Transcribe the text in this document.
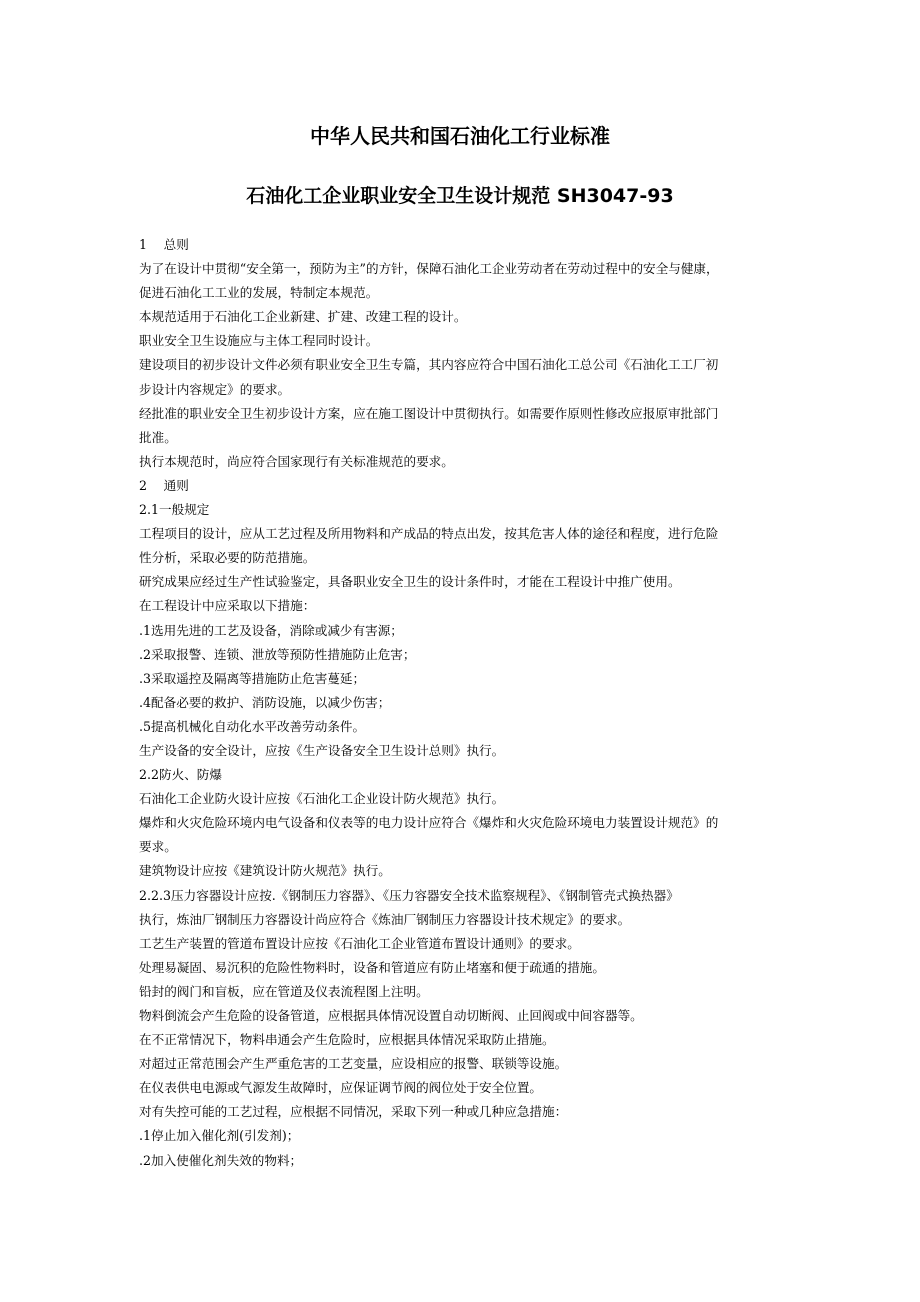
中华人民共和国石油化工行业标准
石油化工企业职业安全卫生设计规范 SH3047-93
1　 总则
为了在设计中贯彻“安全第一，预防为主”的方针，保障石油化工企业劳动者在劳动过程中的安全与健康，
促进石油化工工业的发展，特制定本规范。
本规范适用于石油化工企业新建、扩建、改建工程的设计。
职业安全卫生设施应与主体工程同时设计。
建设项目的初步设计文件必须有职业安全卫生专篇，其内容应符合中国石油化工总公司《石油化工工厂初
步设计内容规定》的要求。
经批准的职业安全卫生初步设计方案，应在施工图设计中贯彻执行。如需要作原则性修改应报原审批部门
批准。
执行本规范时，尚应符合国家现行有关标准规范的要求。
2　 通则
2.1一般规定
工程项目的设计，应从工艺过程及所用物料和产成品的特点出发，按其危害人体的途径和程度，进行危险
性分析，采取必要的防范措施。
研究成果应经过生产性试验鉴定，具备职业安全卫生的设计条件时，才能在工程设计中推广使用。
在工程设计中应采取以下措施：
.1选用先进的工艺及设备，消除或减少有害源；
.2采取报警、连锁、泄放等预防性措施防止危害；
.3采取遥控及隔离等措施防止危害蔓延；
.4配备必要的救护、消防设施，以减少伤害；
.5提高机械化自动化水平改善劳动条件。
生产设备的安全设计，应按《生产设备安全卫生设计总则》执行。
2.2防火、防爆
石油化工企业防火设计应按《石油化工企业设计防火规范》执行。
爆炸和火灾危险环境内电气设备和仪表等的电力设计应符合《爆炸和火灾危险环境电力装置设计规范》的
要求。
建筑物设计应按《建筑设计防火规范》执行。
2.2.3压力容器设计应按.《钢制压力容器》、《压力容器安全技术监察规程》、《钢制管壳式换热器》
执行，炼油厂钢制压力容器设计尚应符合《炼油厂钢制压力容器设计技术规定》的要求。
工艺生产装置的管道布置设计应按《石油化工企业管道布置设计通则》的要求。
处理易凝固、易沉积的危险性物料时，设备和管道应有防止堵塞和便于疏通的措施。
铅封的阀门和盲板，应在管道及仪表流程图上注明。
物料倒流会产生危险的设备管道，应根据具体情况设置自动切断阀、止回阀或中间容器等。
在不正常情况下，物料串通会产生危险时，应根据具体情况采取防止措施。
对超过正常范围会产生严重危害的工艺变量，应设相应的报警、联锁等设施。
在仪表供电电源或气源发生故障时，应保证调节阀的阀位处于安全位置。
对有失控可能的工艺过程，应根据不同情况，采取下列一种或几种应急措施：
.1停止加入催化剂(引发剂)；
.2加入使催化剂失效的物料；
